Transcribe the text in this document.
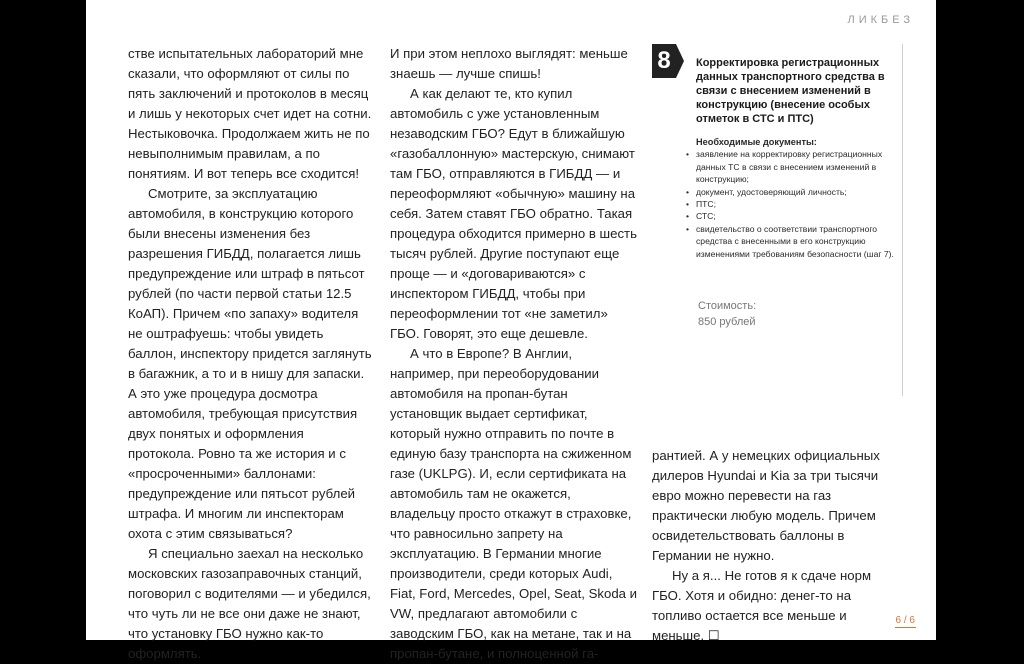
ЛИКБЕЗ

стве испытательных лабораторий мне сказали, что оформляют от силы по пять заключений и протоколов в месяц и лишь у некоторых счет идет на сотни. Нестыковочка. Продолжаем жить не по невыполнимым правилам, а по понятиям. И вот теперь все сходится!

Смотрите, за эксплуатацию автомобиля, в конструкцию которого были внесены изменения без разрешения ГИБДД, полагается лишь предупреждение или штраф в пятьсот рублей (по части первой статьи 12.5 КоАП). Причем «по запаху» водителя не оштрафуешь: чтобы увидеть баллон, инспектору придется заглянуть в багажник, а то и в нишу для запаски. А это уже процедура досмотра автомобиля, требующая присутствия двух понятых и оформления протокола. Ровно та же история и с «просроченными» баллонами: предупреждение или пятьсот рублей штрафа. И многим ли инспекторам охота с этим связываться?

Я специально заехал на несколько московских газозаправочных станций, поговорил с водителями — и убедился, что чуть ли не все они даже не знают, что установку ГБО нужно как-то оформлять.

И при этом неплохо выглядят: меньше знаешь — лучше спишь!

А как делают те, кто купил автомобиль с уже установленным незаводским ГБО? Едут в ближайшую «газобаллонную» мастерскую, снимают там ГБО, отправляются в ГИБДД — и переоформляют «обычную» машину на себя. Затем ставят ГБО обратно. Такая процедура обходится примерно в шесть тысяч рублей. Другие поступают еще проще — и «договариваются» с инспектором ГИБДД, чтобы при переоформлении тот «не заметил» ГБО. Говорят, это еще дешевле.

А что в Европе? В Англии, например, при переоборудовании автомобиля на пропан-бутан установщик выдает сертификат, который нужно отправить по почте в единую базу транспорта на сжиженном газе (UKLPG). И, если сертификата на автомобиль там не окажется, владельцу просто откажут в страховке, что равносильно запрету на эксплуатацию. В Германии многие производители, среди которых Audi, Fiat, Ford, Mercedes, Opel, Seat, Skoda и VW, предлагают автомобили с заводским ГБО, как на метане, так и на пропан-бутане, и полноценной га-

8	Корректировка регистрационных данных транспортного средства в связи с внесением изменений в конструкцию (внесение особых отметок в СТС и ПТС)
Необходимые документы:
• заявление на корректировку регистрационных данных ТС в связи с внесением изменений в конструкцию;
• документ, удостоверяющий личность;
• ПТС;
• СТС;
• свидетельство о соответствии транспортного средства с внесенными в его конструкцию изменениями требованиям безопасности (шаг 7).
Стоимость:
850 рублей

рантией. А у немецких официальных дилеров Hyundai и Kia за три тысячи евро можно перевести на газ практически любую модель. Причем освидетельствовать баллоны в Германии не нужно.

Ну а я... Не готов я к сдаче норм ГБО. Хотя и обидно: денег-то на топливо остается все меньше и меньше. ☐

6 / 6
